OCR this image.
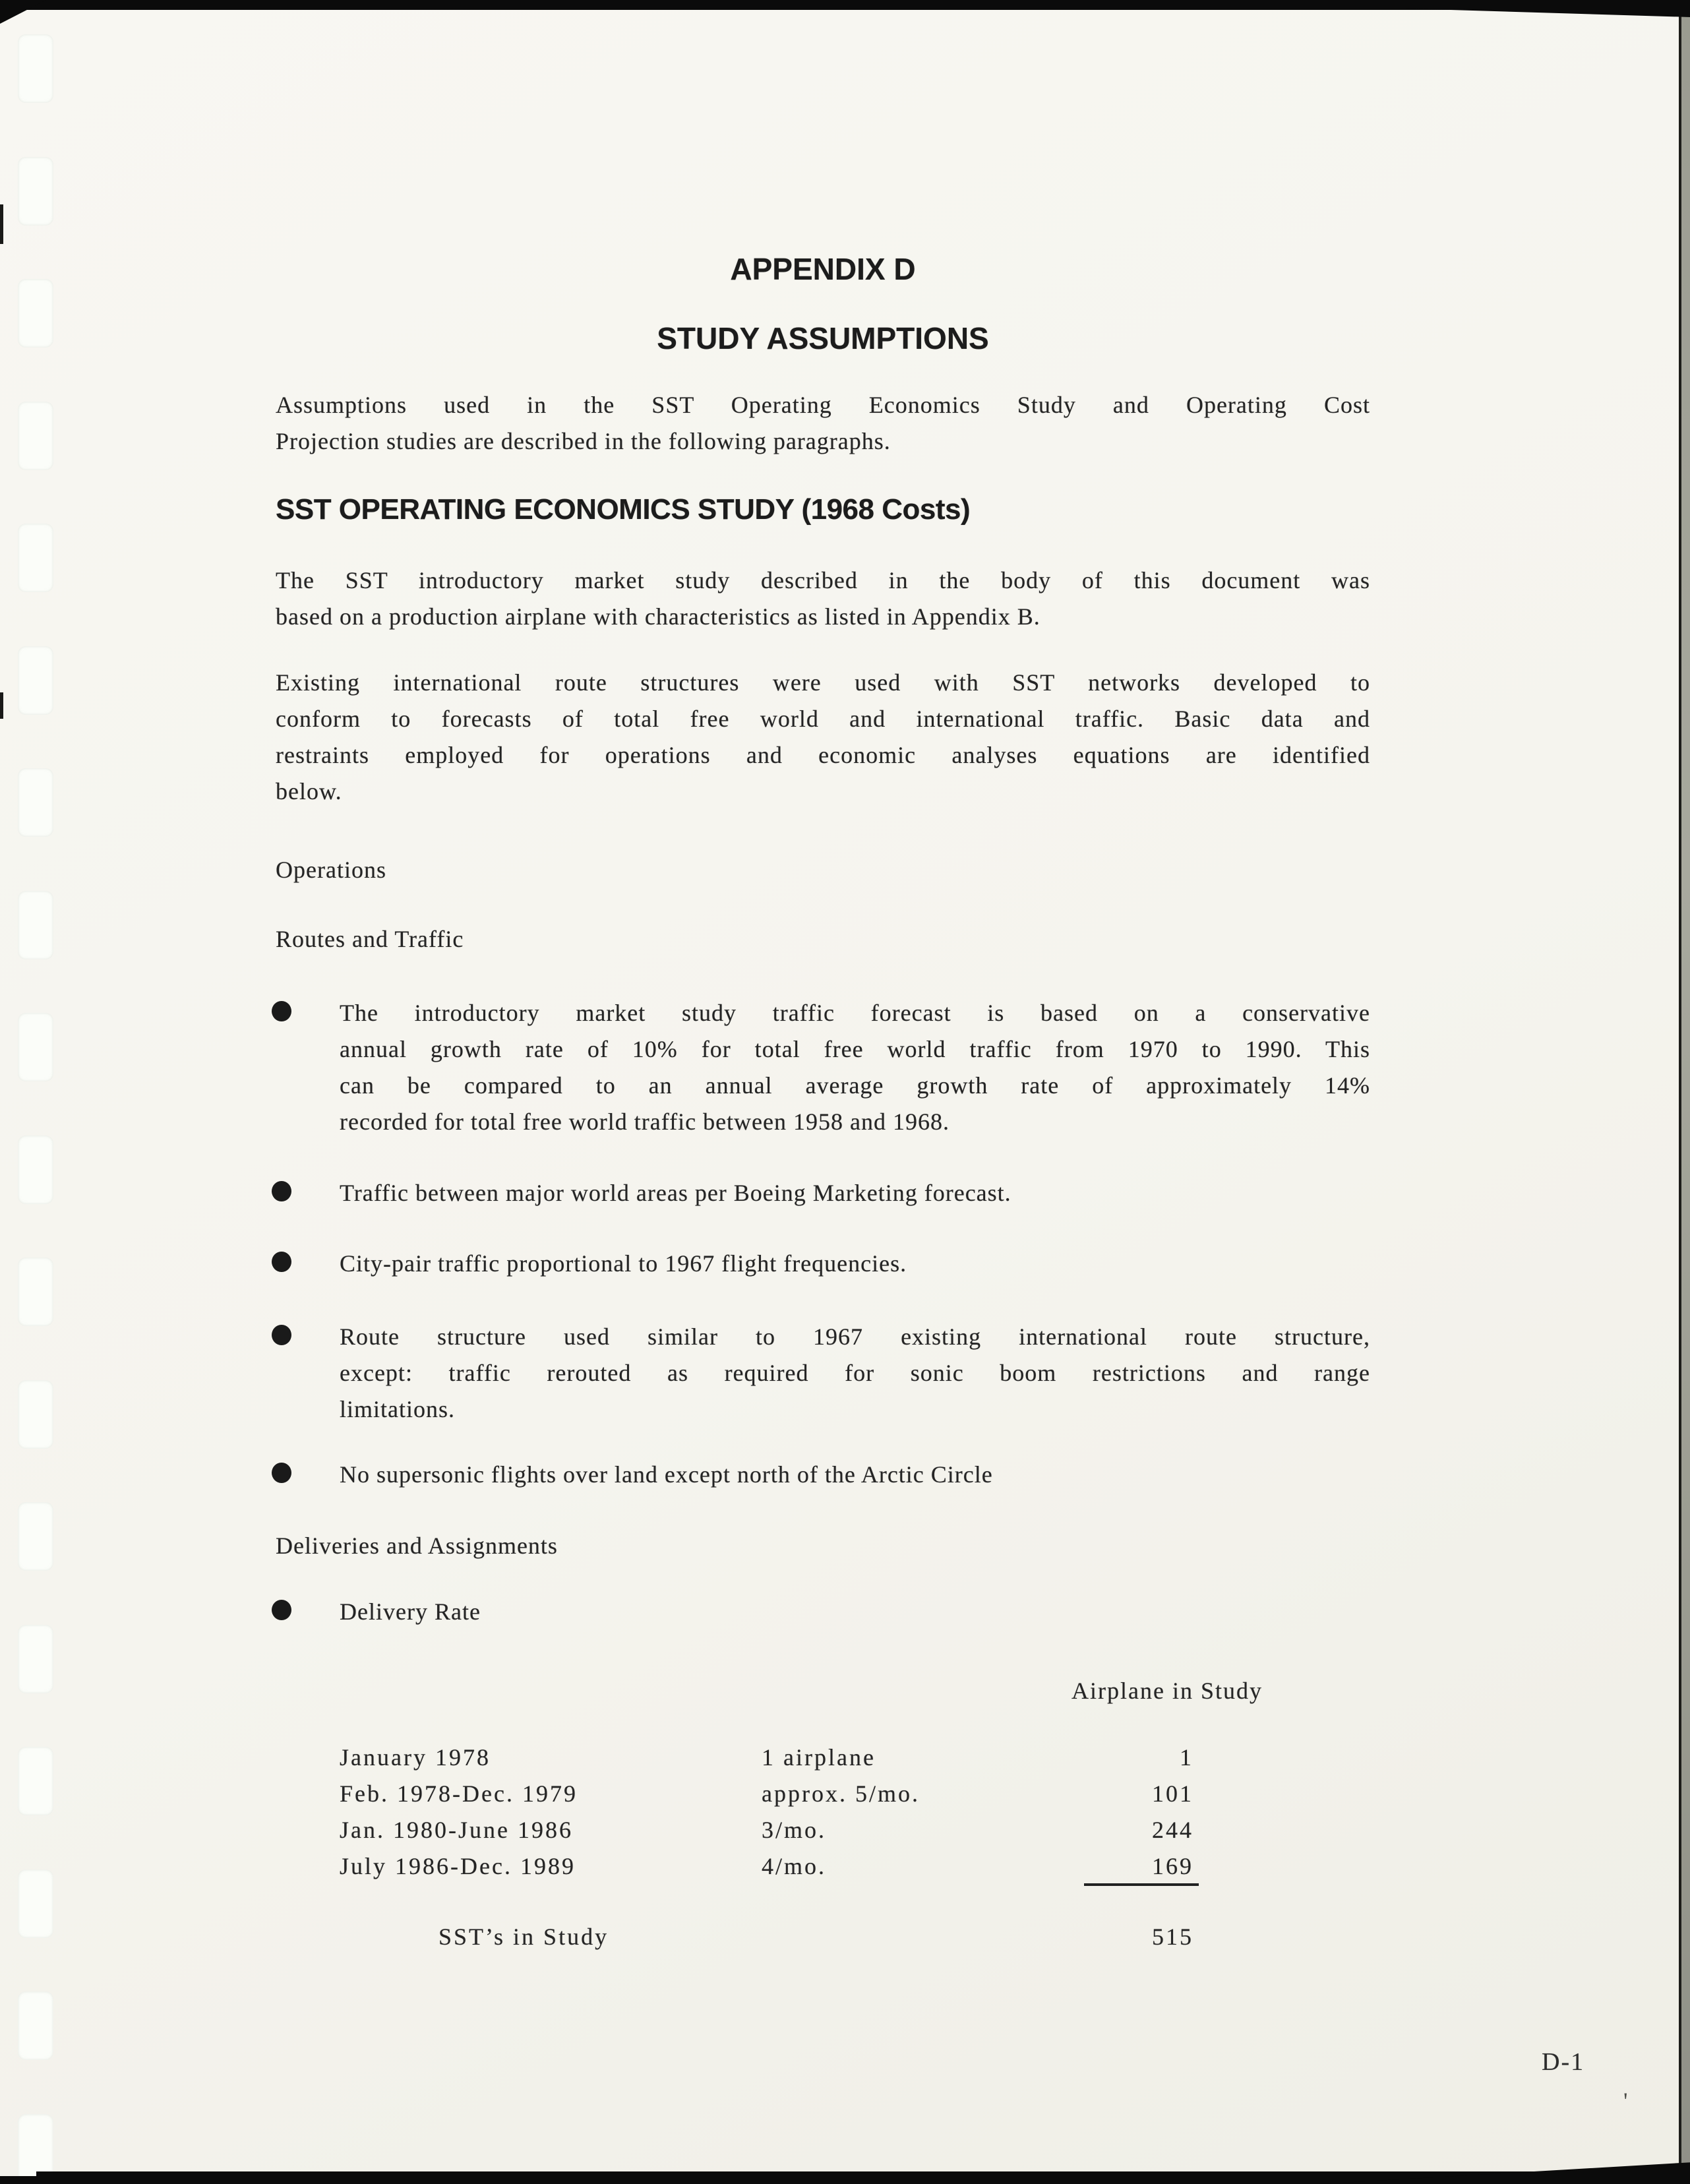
APPENDIX D
STUDY ASSUMPTIONS
Assumptions used in the SST Operating Economics Study and Operating Cost
Projection studies are described in the following paragraphs.
SST OPERATING ECONOMICS STUDY (1968 Costs)
The SST introductory market study described in the body of this document was
based on a production airplane with characteristics as listed in Appendix B.
Existing international route structures were used with SST networks developed to
conform to forecasts of total free world and international traffic. Basic data and
restraints employed for operations and economic analyses equations are identified
below.
Operations
Routes and Traffic
The introductory market study traffic forecast is based on a conservative
annual growth rate of 10% for total free world traffic from 1970 to 1990. This
can be compared to an annual average growth rate of approximately 14%
recorded for total free world traffic between 1958 and 1968.
Traffic between major world areas per Boeing Marketing forecast.
City-pair traffic proportional to 1967 flight frequencies.
Route structure used similar to 1967 existing international route structure,
except: traffic rerouted as required for sonic boom restrictions and range
limitations.
No supersonic flights over land except north of the Arctic Circle
Deliveries and Assignments
Delivery Rate
Airplane in Study
January 1978	1 airplane	1
Feb. 1978-Dec. 1979	approx. 5/mo.	101
Jan. 1980-June 1986	3/mo.	244
July 1986-Dec. 1989	4/mo.	169
SST’s in Study	515
D-1
'
